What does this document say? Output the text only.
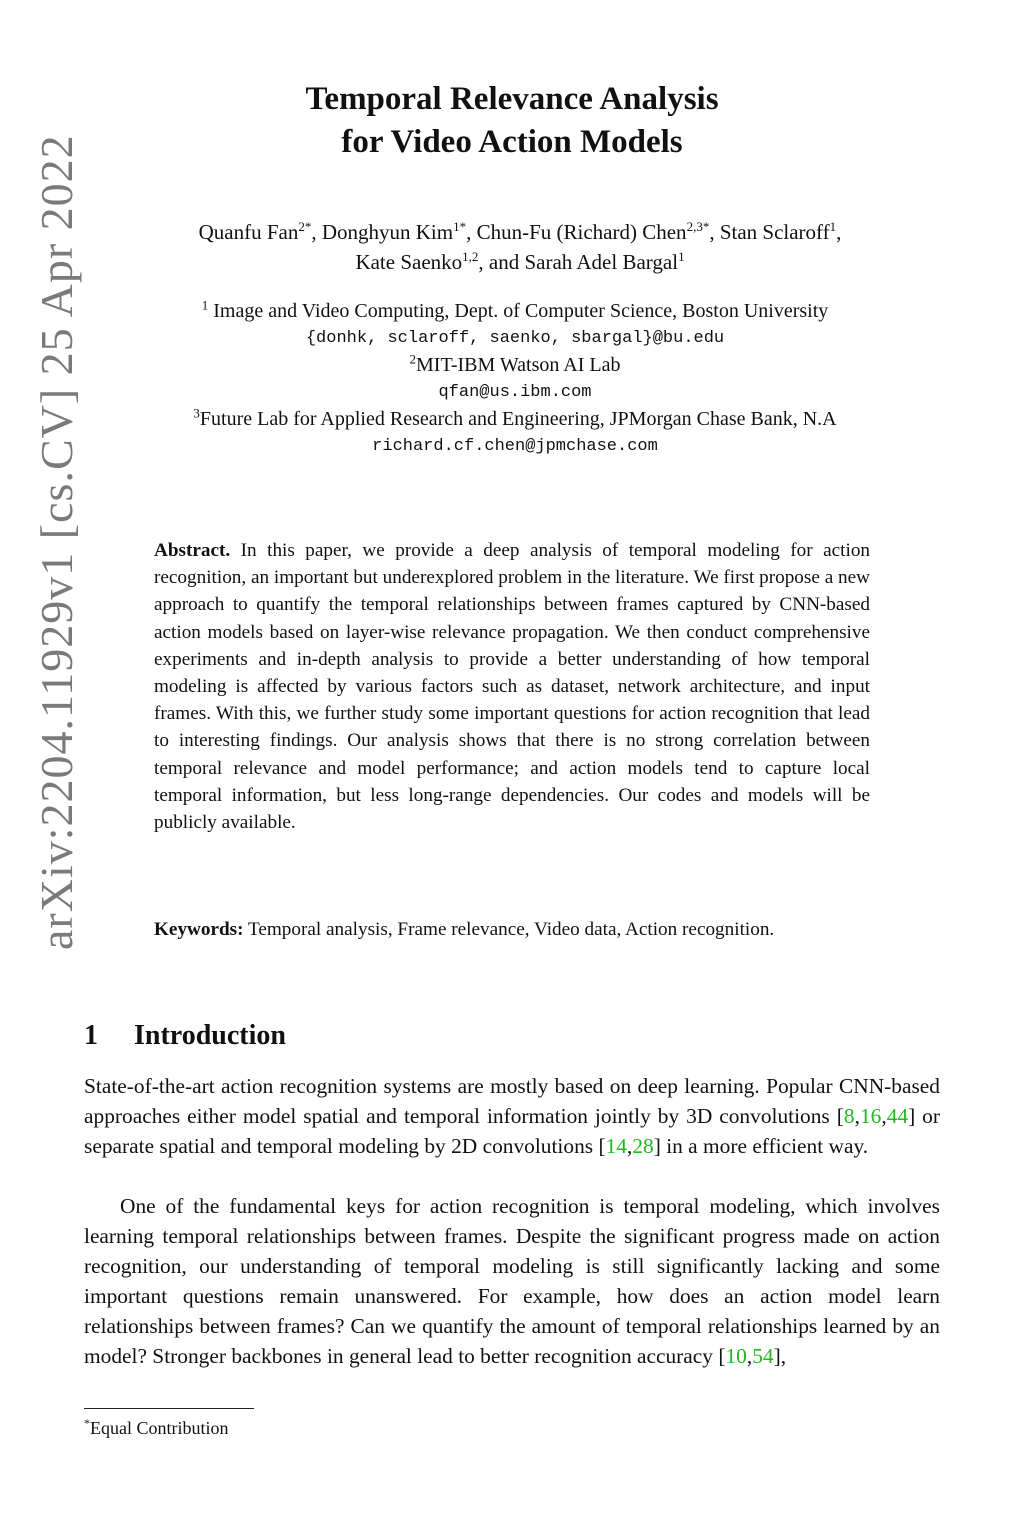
arXiv:2204.11929v1 [cs.CV] 25 Apr 2022
Temporal Relevance Analysis
for Video Action Models
Quanfu Fan$^{2*}$, Donghyun Kim$^{1*}$, Chun-Fu (Richard) Chen$^{2,3*}$, Stan Sclaroff$^1$,
Kate Saenko$^{1,2}$, and Sarah Adel Bargal$^1$
$^1$ Image and Video Computing, Dept. of Computer Science, Boston University
{donhk, sclaroff, saenko, sbargal}@bu.edu
$^2$MIT-IBM Watson AI Lab
qfan@us.ibm.com
$^3$Future Lab for Applied Research and Engineering, JPMorgan Chase Bank, N.A
richard.cf.chen@jpmchase.com

Abstract. In this paper, we provide a deep analysis of temporal modeling for action recognition, an important but underexplored problem in the literature. We first propose a new approach to quantify the temporal relationships between frames captured by CNN-based action models based on layer-wise relevance propagation. We then conduct comprehensive experiments and in-depth analysis to provide a better understanding of how temporal modeling is affected by various factors such as dataset, network architecture, and input frames. With this, we further study some important questions for action recognition that lead to interesting findings. Our analysis shows that there is no strong correlation between temporal relevance and model performance; and action models tend to capture local temporal information, but less long-range dependencies. Our codes and models will be publicly available.

Keywords: Temporal analysis, Frame relevance, Video data, Action recognition.

1 Introduction

State-of-the-art action recognition systems are mostly based on deep learning. Popular CNN-based approaches either model spatial and temporal information jointly by 3D convolutions [8,16,44] or separate spatial and temporal modeling by 2D convolutions [14,28] in a more efficient way.

One of the fundamental keys for action recognition is temporal modeling, which involves learning temporal relationships between frames. Despite the significant progress made on action recognition, our understanding of temporal modeling is still significantly lacking and some important questions remain unanswered. For example, how does an action model learn relationships between frames? Can we quantify the amount of temporal relationships learned by an model? Stronger backbones in general lead to better recognition accuracy [10,54],

*Equal Contribution
